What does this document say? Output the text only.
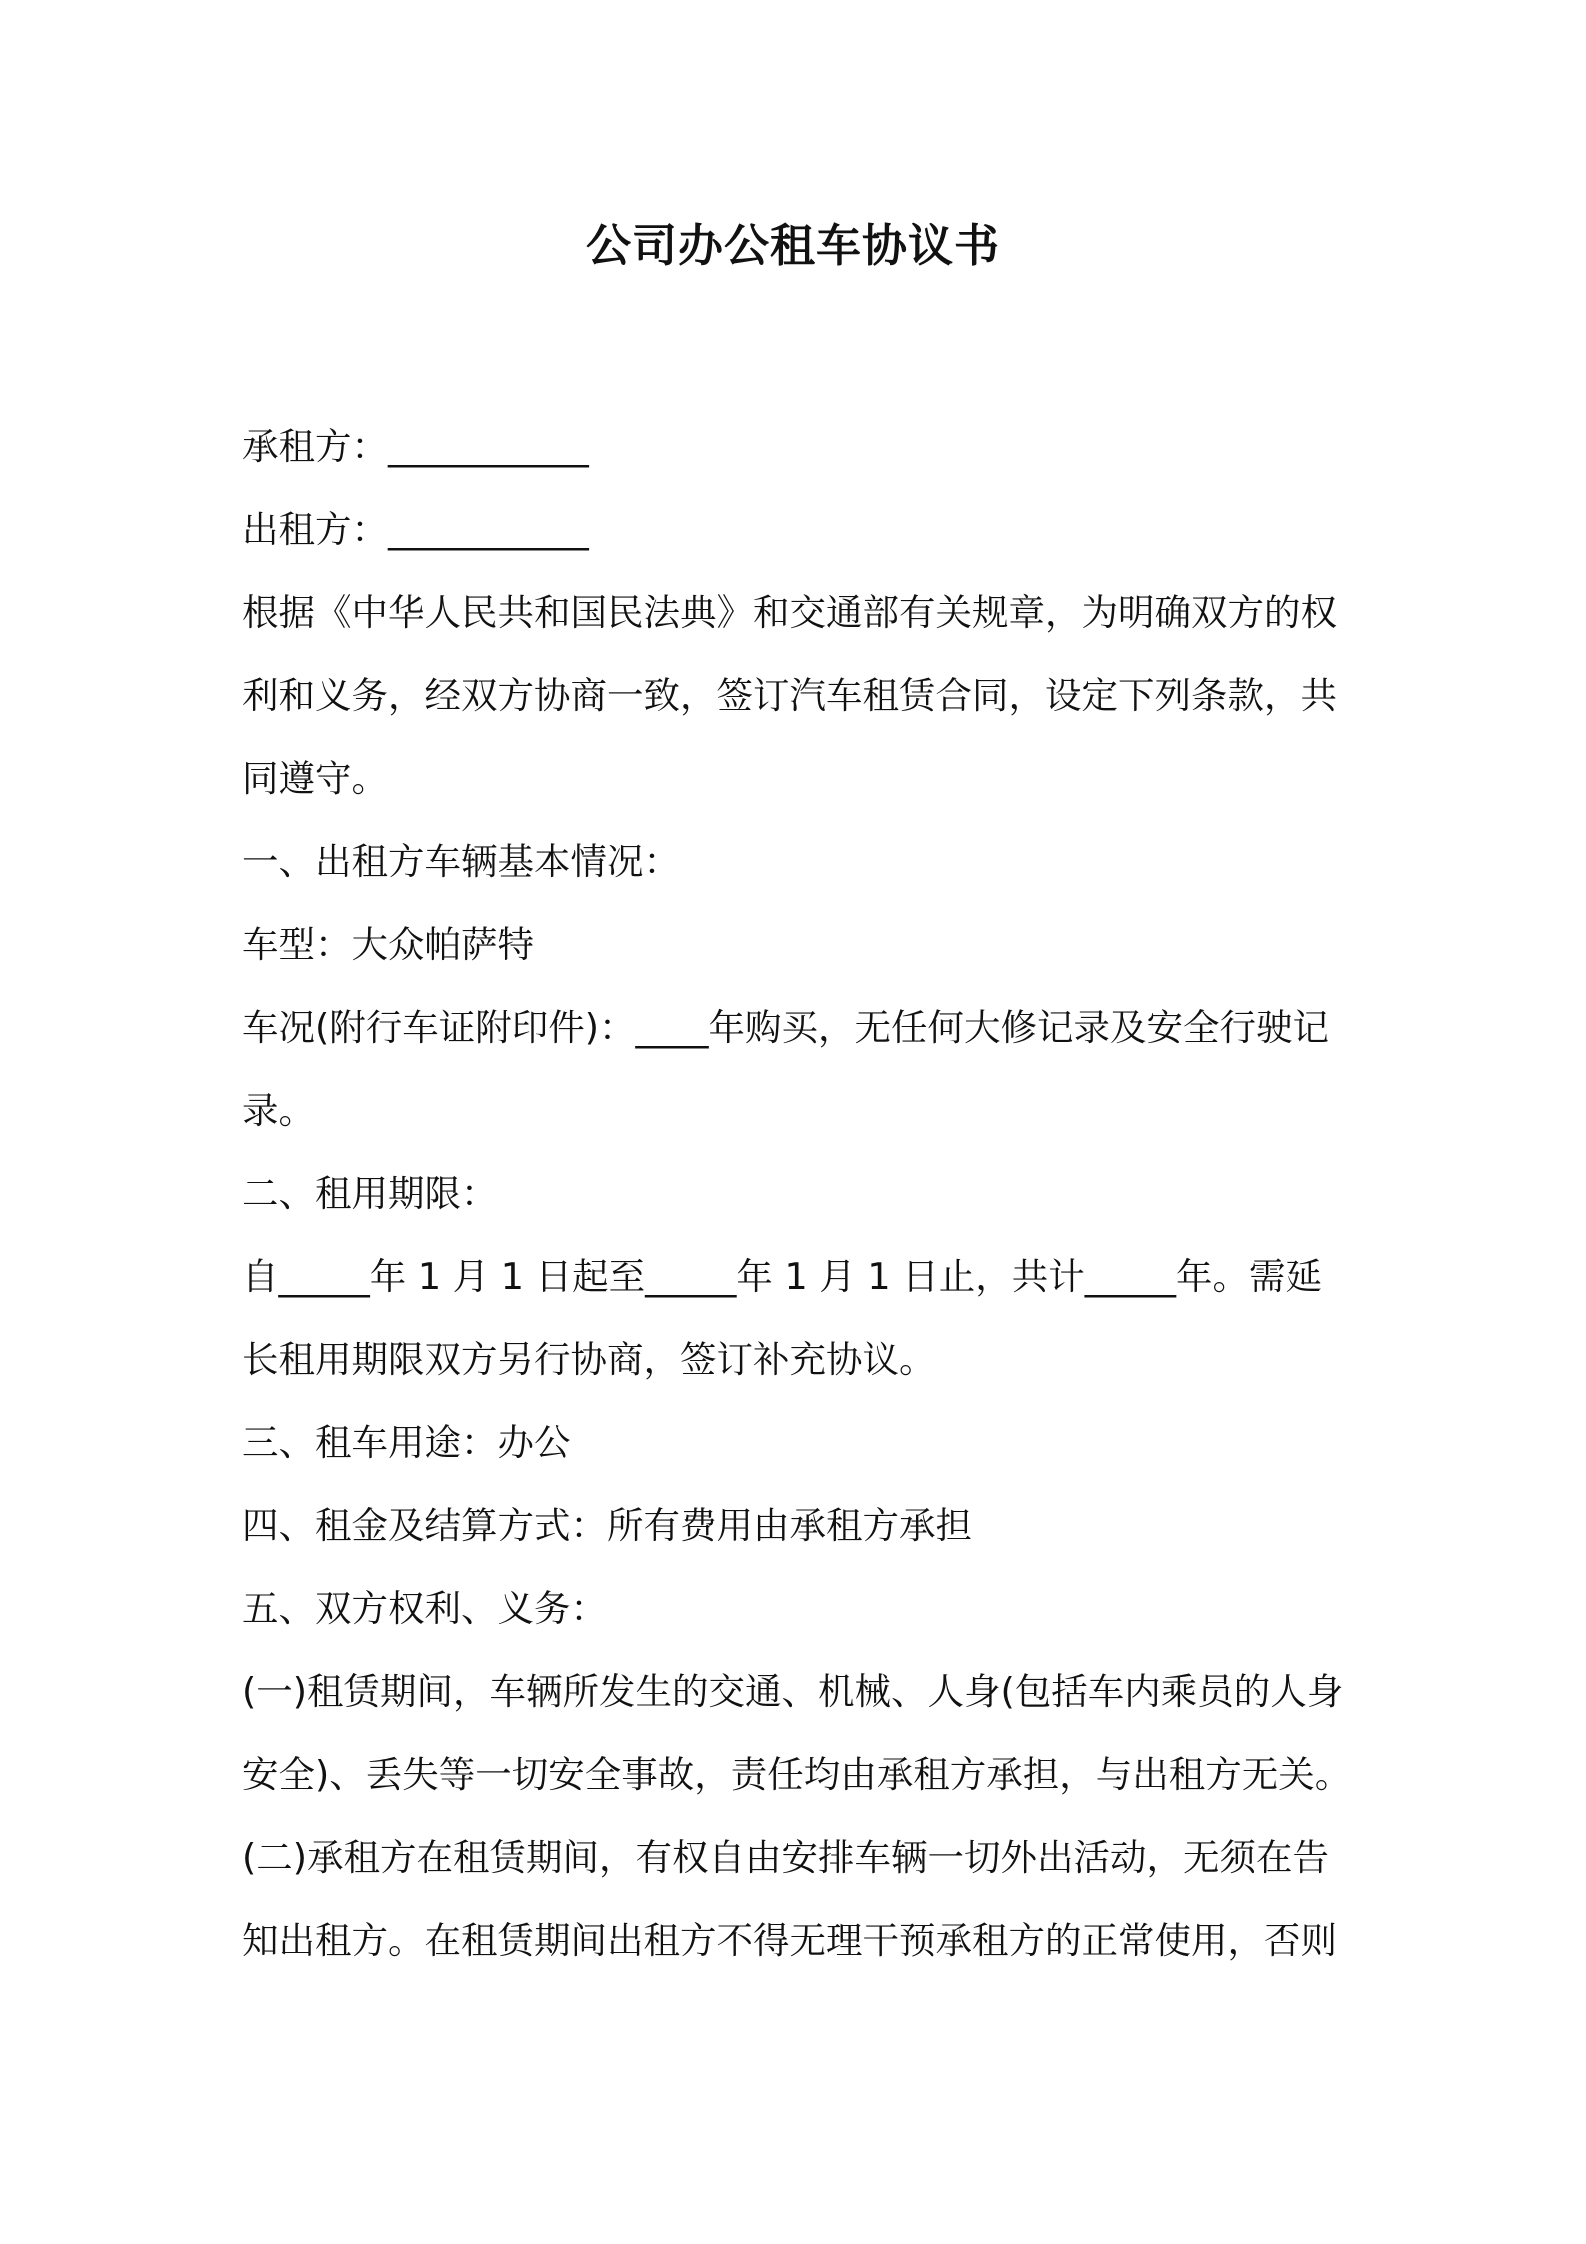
公司办公租车协议书

承租方：___________

出租方：___________

根据《中华人民共和国民法典》和交通部有关规章，为明确双方的权

利和义务，经双方协商一致，签订汽车租赁合同，设定下列条款，共

同遵守。

一、出租方车辆基本情况：

车型：大众帕萨特

车况(附行车证附印件)：____年购买，无任何大修记录及安全行驶记

录。

二、租用期限：

自_____年 1 月 1 日起至_____年 1 月 1 日止，共计_____年。需延

长租用期限双方另行协商，签订补充协议。

三、租车用途：办公

四、租金及结算方式：所有费用由承租方承担

五、双方权利、义务：

(一)租赁期间，车辆所发生的交通、机械、人身(包括车内乘员的人身

安全)、丢失等一切安全事故，责任均由承租方承担，与出租方无关。

(二)承租方在租赁期间，有权自由安排车辆一切外出活动，无须在告

知出租方。在租赁期间出租方不得无理干预承租方的正常使用，否则
